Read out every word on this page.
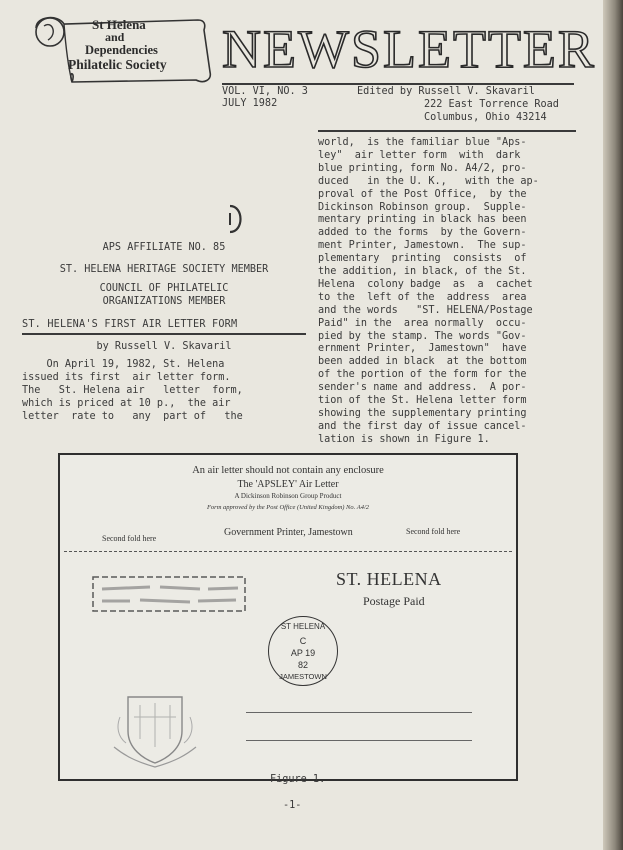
St Helena
and
Dependencies
Philatelic Society NEWSLETTER
VOL. VI, NO. 3
JULY 1982
Edited by Russell V. Skavaril
222 East Torrence Road
Columbus, Ohio 43214
APS AFFILIATE NO. 85
ST. HELENA HERITAGE SOCIETY MEMBER
COUNCIL OF PHILATELIC
ORGANIZATIONS MEMBER
ST. HELENA'S FIRST AIR LETTER FORM
by Russell V. Skavaril
On April 19, 1982, St. Helena
issued its first  air letter form.
The   St. Helena air   letter  form,
which is priced at 10 p.,  the air
letter  rate to   any  part of   the
world,  is the familiar blue "Aps-
ley"  air letter form  with  dark
blue printing, form No. A4/2, pro-
duced   in the U. K.,   with the ap-
proval of the Post Office,  by the
Dickinson Robinson group.  Supple-
mentary printing in black has been
added to the forms  by the Govern-
ment Printer, Jamestown.  The sup-
plementary  printing  consists  of
the addition, in black, of the St.
Helena  colony badge  as  a  cachet
to the  left of the  address  area
and the words   "ST. HELENA/Postage
Paid" in the  area normally  occu-
pied by the stamp. The words "Gov-
ernment Printer,  Jamestown"  have
been added in black  at the bottom
of the portion of the form for the
sender's name and address.  A por-
tion of the St. Helena letter form
showing the supplementary printing
and the first day of issue cancel-
lation is shown in Figure 1.
An air letter should not contain any enclosure
The 'APSLEY' Air Letter
A Dickinson Robinson Group Product
Form approved by the Post Office (United Kingdom) No. A4/2
Second fold here
Government Printer, Jamestown	Second fold here
ST. HELENA
Postage Paid
ST HELENA
C
AP 19
82
JAMESTOWN
Figure 1.
-1-
